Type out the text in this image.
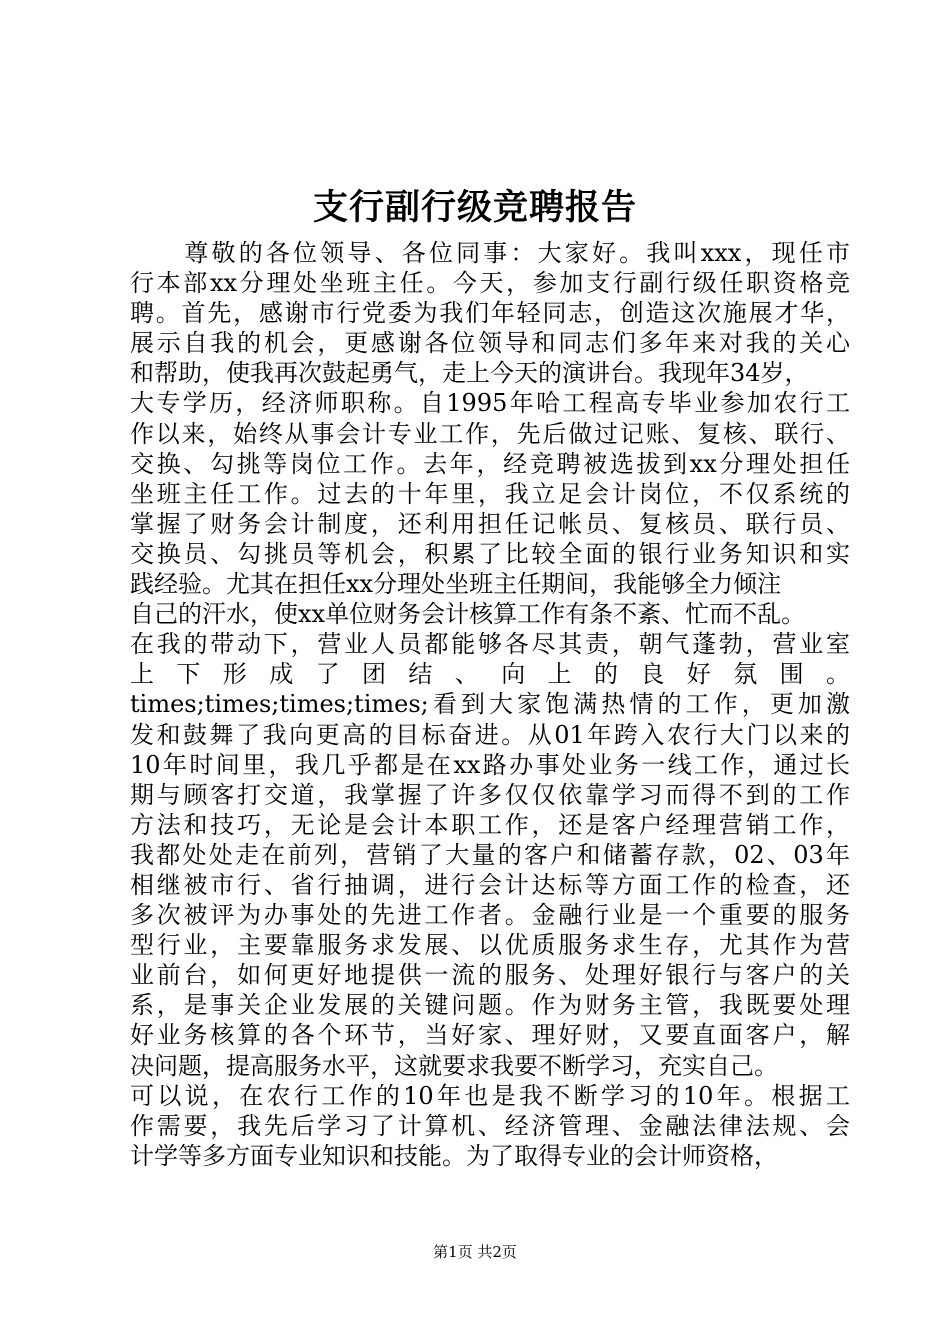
支行副行级竞聘报告
　　尊敬的各位领导、各位同事：大家好。我叫xxx，现任市
行本部xx分理处坐班主任。今天，参加支行副行级任职资格竞
聘。首先，感谢市行党委为我们年轻同志，创造这次施展才华，
展示自我的机会，更感谢各位领导和同志们多年来对我的关心
和帮助，使我再次鼓起勇气，走上今天的演讲台。我现年34岁，
大专学历，经济师职称。自1995年哈工程高专毕业参加农行工
作以来，始终从事会计专业工作，先后做过记账、复核、联行、
交换、勾挑等岗位工作。去年，经竞聘被选拔到xx分理处担任
坐班主任工作。过去的十年里，我立足会计岗位，不仅系统的
掌握了财务会计制度，还利用担任记帐员、复核员、联行员、
交换员、勾挑员等机会，积累了比较全面的银行业务知识和实
践经验。尤其在担任xx分理处坐班主任期间，我能够全力倾注
自己的汗水，使xx单位财务会计核算工作有条不紊、忙而不乱。
在我的带动下，营业人员都能够各尽其责，朝气蓬勃，营业室
上下形成了团结、向上的良好氛围。
times;times;times;times;看到大家饱满热情的工作，更加激
发和鼓舞了我向更高的目标奋进。从01年跨入农行大门以来的
10年时间里，我几乎都是在xx路办事处业务一线工作，通过长
期与顾客打交道，我掌握了许多仅仅依靠学习而得不到的工作
方法和技巧，无论是会计本职工作，还是客户经理营销工作，
我都处处走在前列，营销了大量的客户和储蓄存款，02、03年
相继被市行、省行抽调，进行会计达标等方面工作的检查，还
多次被评为办事处的先进工作者。金融行业是一个重要的服务
型行业，主要靠服务求发展、以优质服务求生存，尤其作为营
业前台，如何更好地提供一流的服务、处理好银行与客户的关
系，是事关企业发展的关键问题。作为财务主管，我既要处理
好业务核算的各个环节，当好家、理好财，又要直面客户，解
决问题，提高服务水平，这就要求我要不断学习，充实自己。
可以说，在农行工作的10年也是我不断学习的10年。根据工
作需要，我先后学习了计算机、经济管理、金融法律法规、会
计学等多方面专业知识和技能。为了取得专业的会计师资格，
第1页 共2页
